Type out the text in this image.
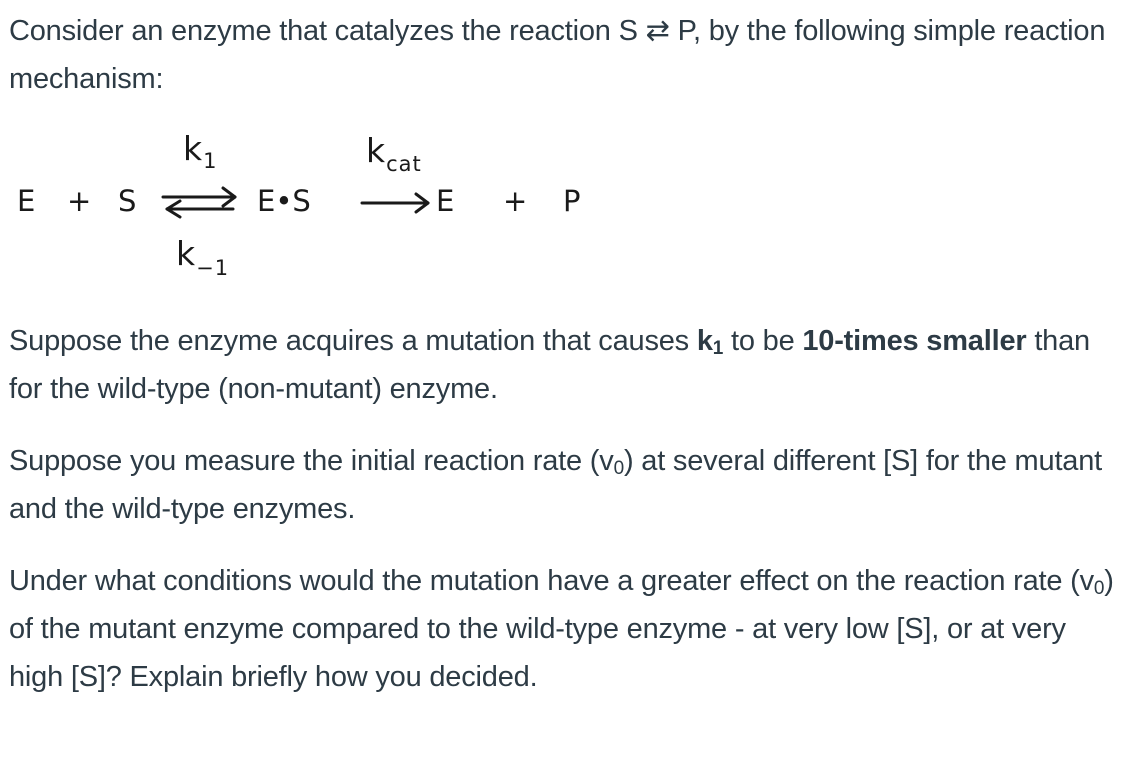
Consider an enzyme that catalyzes the reaction S ⇄ P, by the following simple reaction mechanism:

$k_1$	$k_{cat}$
$k_{-1}$
E + S	E•S	E + P

Suppose the enzyme acquires a mutation that causes $k_1$ to be 10-times smaller than for the wild-type (non-mutant) enzyme.

Suppose you measure the initial reaction rate $(v_0)$ at several different [S] for the mutant and the wild-type enzymes.

Under what conditions would the mutation have a greater effect on the reaction rate $(v_0)$ of the mutant enzyme compared to the wild-type enzyme - at very low [S], or at very high [S]? Explain briefly how you decided.
